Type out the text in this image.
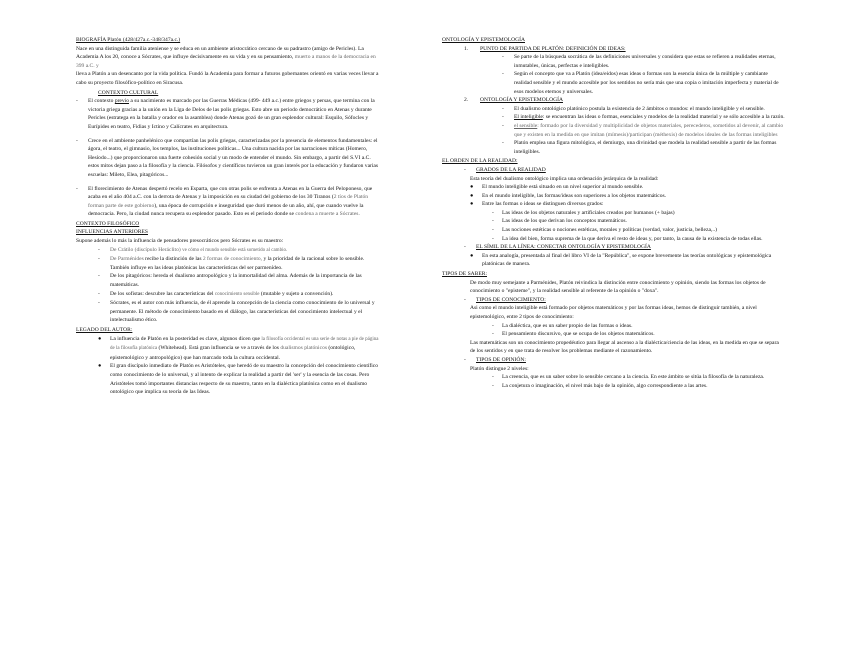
BIOGRAFÍA Platón (428/427a.c.-348/347a.c.)

Nace en una distinguida familia ateniense y se educa en un ambiente aristocrático cercano de su padrastro (amigo de Pericles). La Academia A los 20, conoce a Sócrates, que influye decisivamente en su vida y en su pensamiento, muerto a manos de la democracia en 399 a.C. y

lleva a Platón a un desencanto por la vida política. Fundó la Academia para formar a futuros gobernantes orientó en varias veces llevar a cabo su proyecto filosófico-político en Siracusa.

CONTEXTO CULTURAL

-	El contexto previo a su nacimiento es marcado por las Guerras Médicas (499- 449 a.c.) entre griegos y persas, que termina con la victoria griega gracias a la unión en la Liga de Delos de las polis griegas. Esto abre un periodo democrático en Atenas y durante Pericles (estratega en la batalla y orador en la asamblea) donde Atenas gozó de un gran esplendor cultural: Esquilo, Sófocles y Eurípides en teatro, Fidias y Ictino y Calícrates en arquitectura.
-	Crece en el ambiente panhelénico que compartían las polis griegas, caracterizadas por la presencia de elementos fundamentales: el ágora, el teatro, el gimnasio, los templos, las instituciones políticas... Una cultura nacida por las narraciones míticas (Homero, Hesíodo...) que proporcionaron una fuerte cohesión social y un modo de entender el mundo. Sin embargo, a partir del S.VI a.C. estos mitos dejan paso a la filosofía y la ciencia. Filósofos y científicos tuvieron un gran interés por la educación y fundaron varias escuelas: Mileto, Elea, pitagóricos...
-	El florecimiento de Atenas despertó recelo en Esparta, que con otras polis se enfrenta a Atenas en la Guerra del Peloponeso, que acaba en el año 404 a.C. con la derrota de Atenas y la imposición en su ciudad del gobierno de los 30 Tiranos (2 tíos de Platón forman parte de este gobierno), una época de corrupción e inseguridad que duró menos de un año, ahí, que cuando vuelve la democracia. Pero, la ciudad nunca recupera su esplendor pasado. Esto es el periodo donde se condena a muerte a Sócrates.

CONTEXTO FILOSÓFICO

INFLUENCIAS ANTERIORES

Supone además lo más la influencia de pensadores presocráticos pero Sócrates es su maestro:

-	De Crátilo (discípulo Heráclito) ve cómo el mundo sensible está sometido al cambio.
-	De Parménides recibe la distinción de las 2 formas de conocimiento, y la prioridad de la racional sobre lo sensible. También influye en las ideas platónicas las características del ser parmenídeo.
-	De los pitagóricos: hereda el dualismo antropológico y la inmortalidad del alma. Además de la importancia de las matemáticas.
-	De los sofistas: descubre las características del conocimiento sensible (mutable y sujeto a convención).
-	Sócrates, es el autor con más influencia, de él aprende la concepción de la ciencia como conocimiento de lo universal y permanente. El método de conocimiento basado en el diálogo, las características del conocimiento intelectual y el intelectualismo ético.

LEGADO DEL AUTOR:

●	La influencia de Platón en la posteridad es clave, algunos dicen que la filosofía occidental es una serie de notas a pie de página de la filosofía platónica (Whitehead). Está gran influencia se ve a través de los dualismos platónicos (ontológico, epistemológico y antropológico) que han marcado toda la cultura occidental.
●	El gran discípulo inmediato de Platón es Aristóteles, que heredó de su maestro la concepción del conocimiento científico como conocimiento de lo universal, y al intento de explicar la realidad a partir del 'ser' y la esencia de las cosas. Pero Aristóteles tomó importantes distancias respecto de su maestro, tanto en la dialéctica platónica como en el dualismo ontológico que implica su teoría de las Ideas.

ONTOLOGÍA Y EPISTEMOLOGÍA

1.	PUNTO DE PARTIDA DE PLATÓN: DEFINICIÓN DE IDEAS:
-	Se parte de la búsqueda socrática de las definiciones universales y considera que estas se refieren a realidades eternas, inmutables, únicas, perfectas e inteligibles.
-	Según el concepto que va a Platón (idea/eidos) esas ideas o formas son la esencia única de la múltiple y cambiante realidad sensible y el mundo accesible por los sentidos no sería más que una copia o imitación imperfecta y material de esos modelos eternos y universales.
2.	ONTOLOGÍA Y EPISTEMOLOGÍA
-	El dualismo ontológico platónico postula la existencia de 2 ámbitos o mundos: el mundo inteligible y el sensible.
-	El inteligible: se encuentran las ideas o formas, esenciales y modelos de la realidad material y se sólo accesible a la razón.
-	el sensible: formado por la diversidad y multiplicidad de objetos materiales, perecederos, sometidos al devenir, al cambio que y existen en la medida en que imitan (mímesis)/participan (méthexis) de modelos ideales de las formas inteligibles
-	Platón emplea una figura mitológica, el demiurgo, una divinidad que modela la realidad sensible a partir de las formas inteligibles.

EL ORDEN DE LA REALIDAD:

-	GRADOS DE LA REALIDAD

Esta teoría del dualismo ontológico implica una ordenación jerárquica de la realidad:

●	El mundo inteligible está situado en un nivel superior al mundo sensible.
●	En el mundo inteligible, las formas/ideas son superiores a los objetos matemáticos.
●	Entre las formas o ideas se distinguen diversos grados:
-	Las ideas de los objetos naturales y artificiales creados por humanos (+ bajas)
-	Las ideas de los que derivan los conceptos matemáticos.
-	Las nociones estéticas o nociones estéticas, morales y políticas (verdad, valor, justicia, belleza,..)
-	La idea del bien, forma suprema de la que deriva el resto de ideas y, por tanto, la causa de la existencia de todas ellas.
-	EL SÍMIL DE LA LÍNEA: CONECTAR ONTOLOGÍA Y EPISTEMOLOGÍA
●	En esta analogía, presentada al final del libro VI de la "República", se expone brevemente las teorías ontológicas y epistemológica platónicas de manera.

TIPOS DE SABER:

De modo muy semejante a Parménides, Platón reivindica la distinción entre conocimiento y opinión, siendo las formas los objetos de conocimiento o "episteme", y la realidad sensible al referente de la opinión o "doxa".

-	TIPOS DE CONOCIMIENTO:

Asi como el mundo inteligible está formado por objetos matemáticos y por las formas ideas, hemos de distinguir también, a nivel epistemológico, entre 2 tipos de conocimiento:

-	La dialéctica, que es un saber propio de las formas o ideas.
-	El pensamiento discursivo, que se ocupa de los objetos matemáticos.

Las matemáticas son un conocimiento propedéutico para llegar al ascenso a la dialéctica/ciencia de las ideas, en la medida en que se separa de los sentidos y en que trata de resolver los problemas mediante el razonamiento.

-	TIPOS DE OPINIÓN:

Platón distingue 2 niveles:

-	La creencia, que es un saber sobre lo sensible cercano a la ciencia. En este ámbito se sitúa la filosofía de la naturaleza.
-	La conjetura o imaginación, el nivel más bajo de la opinión, algo correspondiente a las artes.
